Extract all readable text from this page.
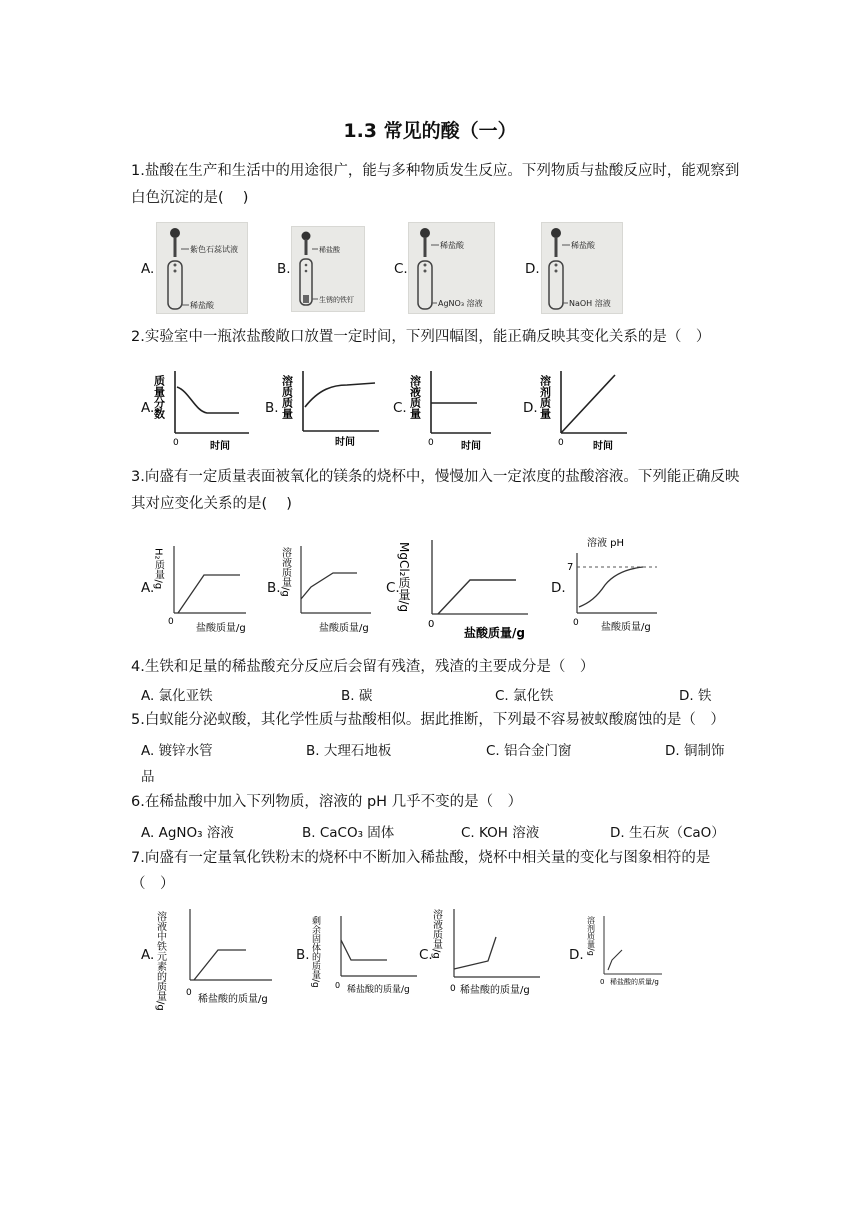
1.3 常见的酸（一）
1.盐酸在生产和生活中的用途很广，能与多种物质发生反应。下列物质与盐酸反应时，能观察到白色沉淀的是(　 )
A.
紫色石蕊试液
稀盐酸
B.
稀盐酸
生锈的铁钉
C.
稀盐酸
AgNO₃ 溶液
D.
稀盐酸
NaOH 溶液
2.实验室中一瓶浓盐酸敞口放置一定时间，下列四幅图，能正确反映其变化关系的是（　）
A.
质量分数
0	时间
B. 溶质质量
时间
C. 溶液质量
0	时间
D. 溶剂质量
0	时间
3.向盛有一定质量表面被氧化的镁条的烧杯中，慢慢加入一定浓度的盐酸溶液。下列能正确反映其对应变化关系的是(　 )
A.
H₂质量/g
0
盐酸质量/g
B.
溶液质量/g
盐酸质量/g
C.
MgCl₂质量/g
0
盐酸质量/g
D.
溶液 pH
7
0 盐酸质量/g
4.生铁和足量的稀盐酸充分反应后会留有残渣，残渣的主要成分是（　）
A. 氯化亚铁	B. 碳	C. 氯化铁	D. 铁
5.白蚁能分泌蚁酸，其化学性质与盐酸相似。据此推断，下列最不容易被蚁酸腐蚀的是（　）
A. 镀锌水管	B. 大理石地板	C. 铝合金门窗	D. 铜制饰
品
6.在稀盐酸中加入下列物质，溶液的 pH 几乎不变的是（　）
A. AgNO₃ 溶液	B. CaCO₃ 固体	C. KOH 溶液	D. 生石灰（CaO）
7.向盛有一定量氧化铁粉末的烧杯中不断加入稀盐酸，烧杯中相关量的变化与图象相符的是
（　）
A. 溶液中铁元素的质量/g 0
稀盐酸的质量/g
B. 剩余固体的质量/g 0 稀盐酸的质量/g
C.
溶液质量/g
0 稀盐酸的质量/g
D. 溶剂质量/g
0 稀盐酸的质量/g
